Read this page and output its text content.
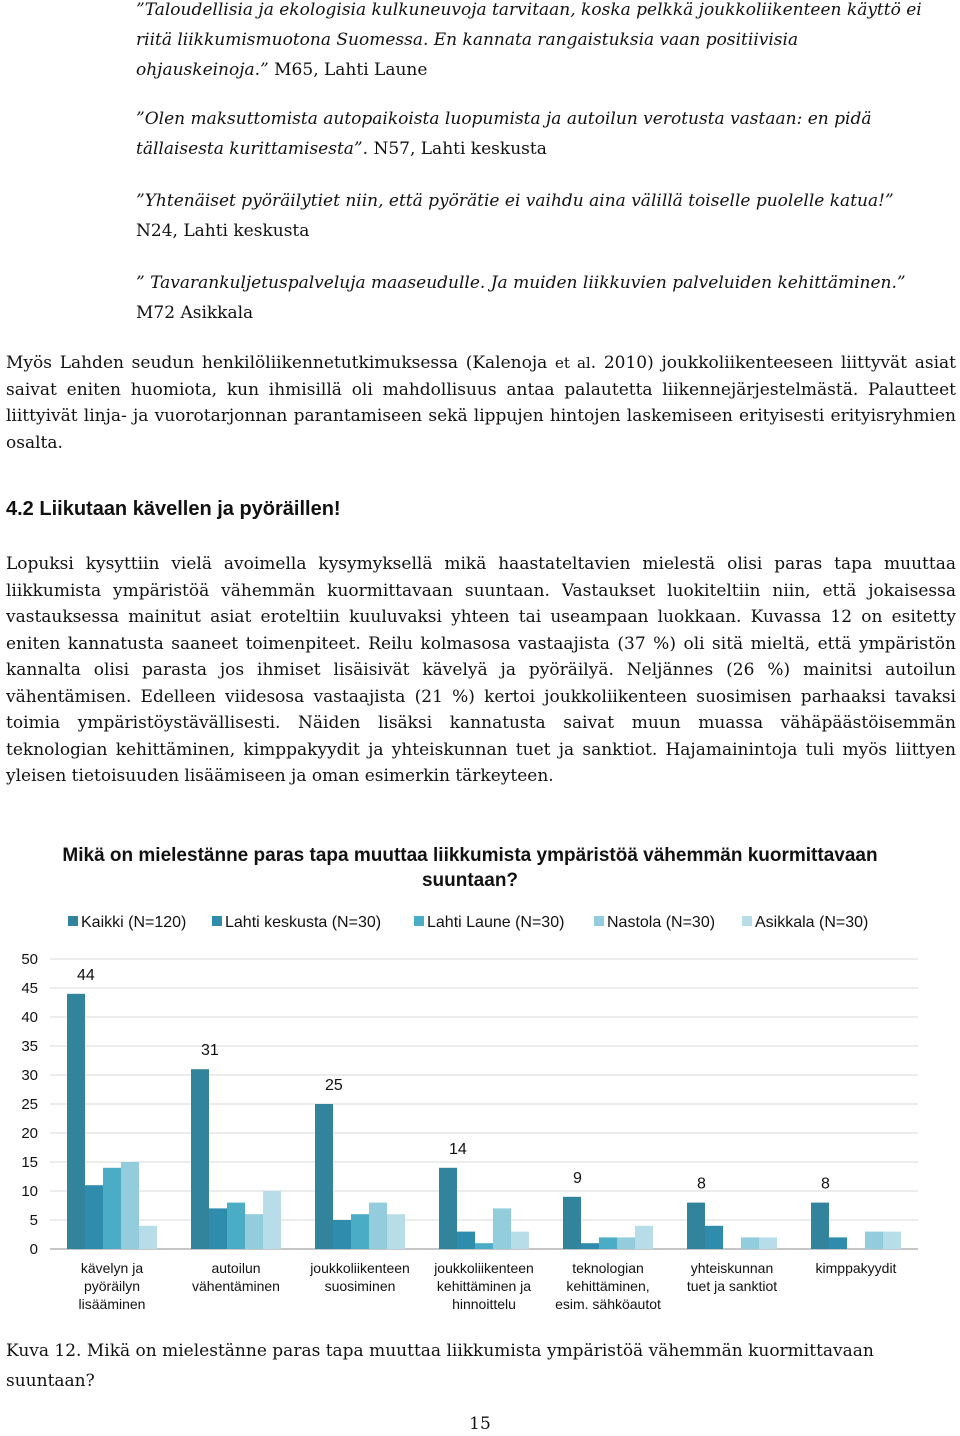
”Taloudellisia ja ekologisia kulkuneuvoja tarvitaan, koska pelkkä joukkoliikenteen käyttö ei riitä liikkumismuotona Suomessa. En kannata rangaistuksia vaan positiivisia ohjauskeinoja.” M65, Lahti Laune
”Olen maksuttomista autopaikoista luopumista ja autoilun verotusta vastaan: en pidä tällaisesta kurittamisesta”. N57, Lahti keskusta
”Yhtenäiset pyöräilytiet niin, että pyörätie ei vaihdu aina välillä toiselle puolelle katua!” N24, Lahti keskusta
” Tavarankuljetuspalveluja maaseudulle. Ja muiden liikkuvien palveluiden kehittäminen.” M72 Asikkala
Myös Lahden seudun henkilöliikennetutkimuksessa (Kalenoja et al. 2010) joukkoliikenteeseen liittyvät asiat saivat eniten huomiota, kun ihmisillä oli mahdollisuus antaa palautetta liikennejärjestelmästä. Palautteet liittyivät linja- ja vuorotarjonnan parantamiseen sekä lippujen hintojen laskemiseen erityisesti erityisryhmien osalta.
4.2 Liikutaan kävellen ja pyöräillen!
Lopuksi kysyttiin vielä avoimella kysymyksellä mikä haastateltavien mielestä olisi paras tapa muuttaa liikkumista ympäristöä vähemmän kuormittavaan suuntaan. Vastaukset luokiteltiin niin, että jokaisessa vastauksessa mainitut asiat eroteltiin kuuluvaksi yhteen tai useampaan luokkaan. Kuvassa 12 on esitetty eniten kannatusta saaneet toimenpiteet. Reilu kolmasosa vastaajista (37 %) oli sitä mieltä, että ympäristön kannalta olisi parasta jos ihmiset lisäisivät kävelyä ja pyöräilyä. Neljännes (26 %) mainitsi autoilun vähentämisen. Edelleen viidesosa vastaajista (21 %) kertoi joukkoliikenteen suosimisen parhaaksi tavaksi toimia ympäristöystävällisesti. Näiden lisäksi kannatusta saivat muun muassa vähäpäästöisemmän teknologian kehittäminen, kimppakyydit ja yhteiskunnan tuet ja sanktiot. Hajamainintoja tuli myös liittyen yleisen tietoisuuden lisäämiseen ja oman esimerkin tärkeyteen.
Mikä on mielestänne paras tapa muuttaa liikkumista ympäristöä vähemmän kuormittavaan suuntaan?
0
5
10
15
20
25
30
35
40
45
50
44
31
25
14
9	8	8
kävelyn ja
pyöräilyn
lisääminen
autoilun
vähentäminen
joukkoliikenteen
suosiminen
joukkoliikenteen
kehittäminen ja
hinnoittelu
teknologian
kehittäminen,
esim. sähköautot
yhteiskunnan
tuet ja sanktiot
kimppakyydit
Kaikki (N=120) Lahti keskusta (N=30)	Lahti Laune (N=30)	Nastola (N=30) Asikkala (N=30)
Kuva 12. Mikä on mielestänne paras tapa muuttaa liikkumista ympäristöä vähemmän kuormittavaan suuntaan?
15
